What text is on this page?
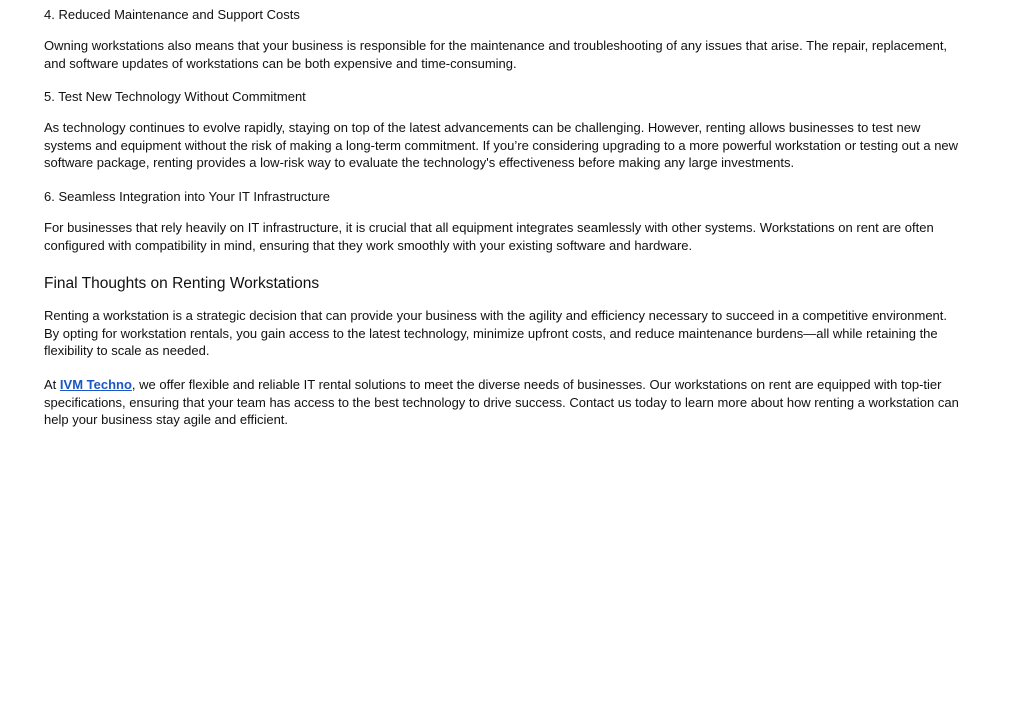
4. Reduced Maintenance and Support Costs

Owning workstations also means that your business is responsible for the maintenance and troubleshooting of any issues that arise. The repair, replacement, and software updates of workstations can be both expensive and time-consuming.

5. Test New Technology Without Commitment

As technology continues to evolve rapidly, staying on top of the latest advancements can be challenging. However, renting allows businesses to test new systems and equipment without the risk of making a long-term commitment. If you’re considering upgrading to a more powerful workstation or testing out a new software package, renting provides a low-risk way to evaluate the technology's effectiveness before making any large investments.

6. Seamless Integration into Your IT Infrastructure

For businesses that rely heavily on IT infrastructure, it is crucial that all equipment integrates seamlessly with other systems. Workstations on rent are often configured with compatibility in mind, ensuring that they work smoothly with your existing software and hardware.

Final Thoughts on Renting Workstations

Renting a workstation is a strategic decision that can provide your business with the agility and efficiency necessary to succeed in a competitive environment. By opting for workstation rentals, you gain access to the latest technology, minimize upfront costs, and reduce maintenance burdens—all while retaining the flexibility to scale as needed.

At IVM Techno, we offer flexible and reliable IT rental solutions to meet the diverse needs of businesses. Our workstations on rent are equipped with top-tier specifications, ensuring that your team has access to the best technology to drive success. Contact us today to learn more about how renting a workstation can help your business stay agile and efficient.
